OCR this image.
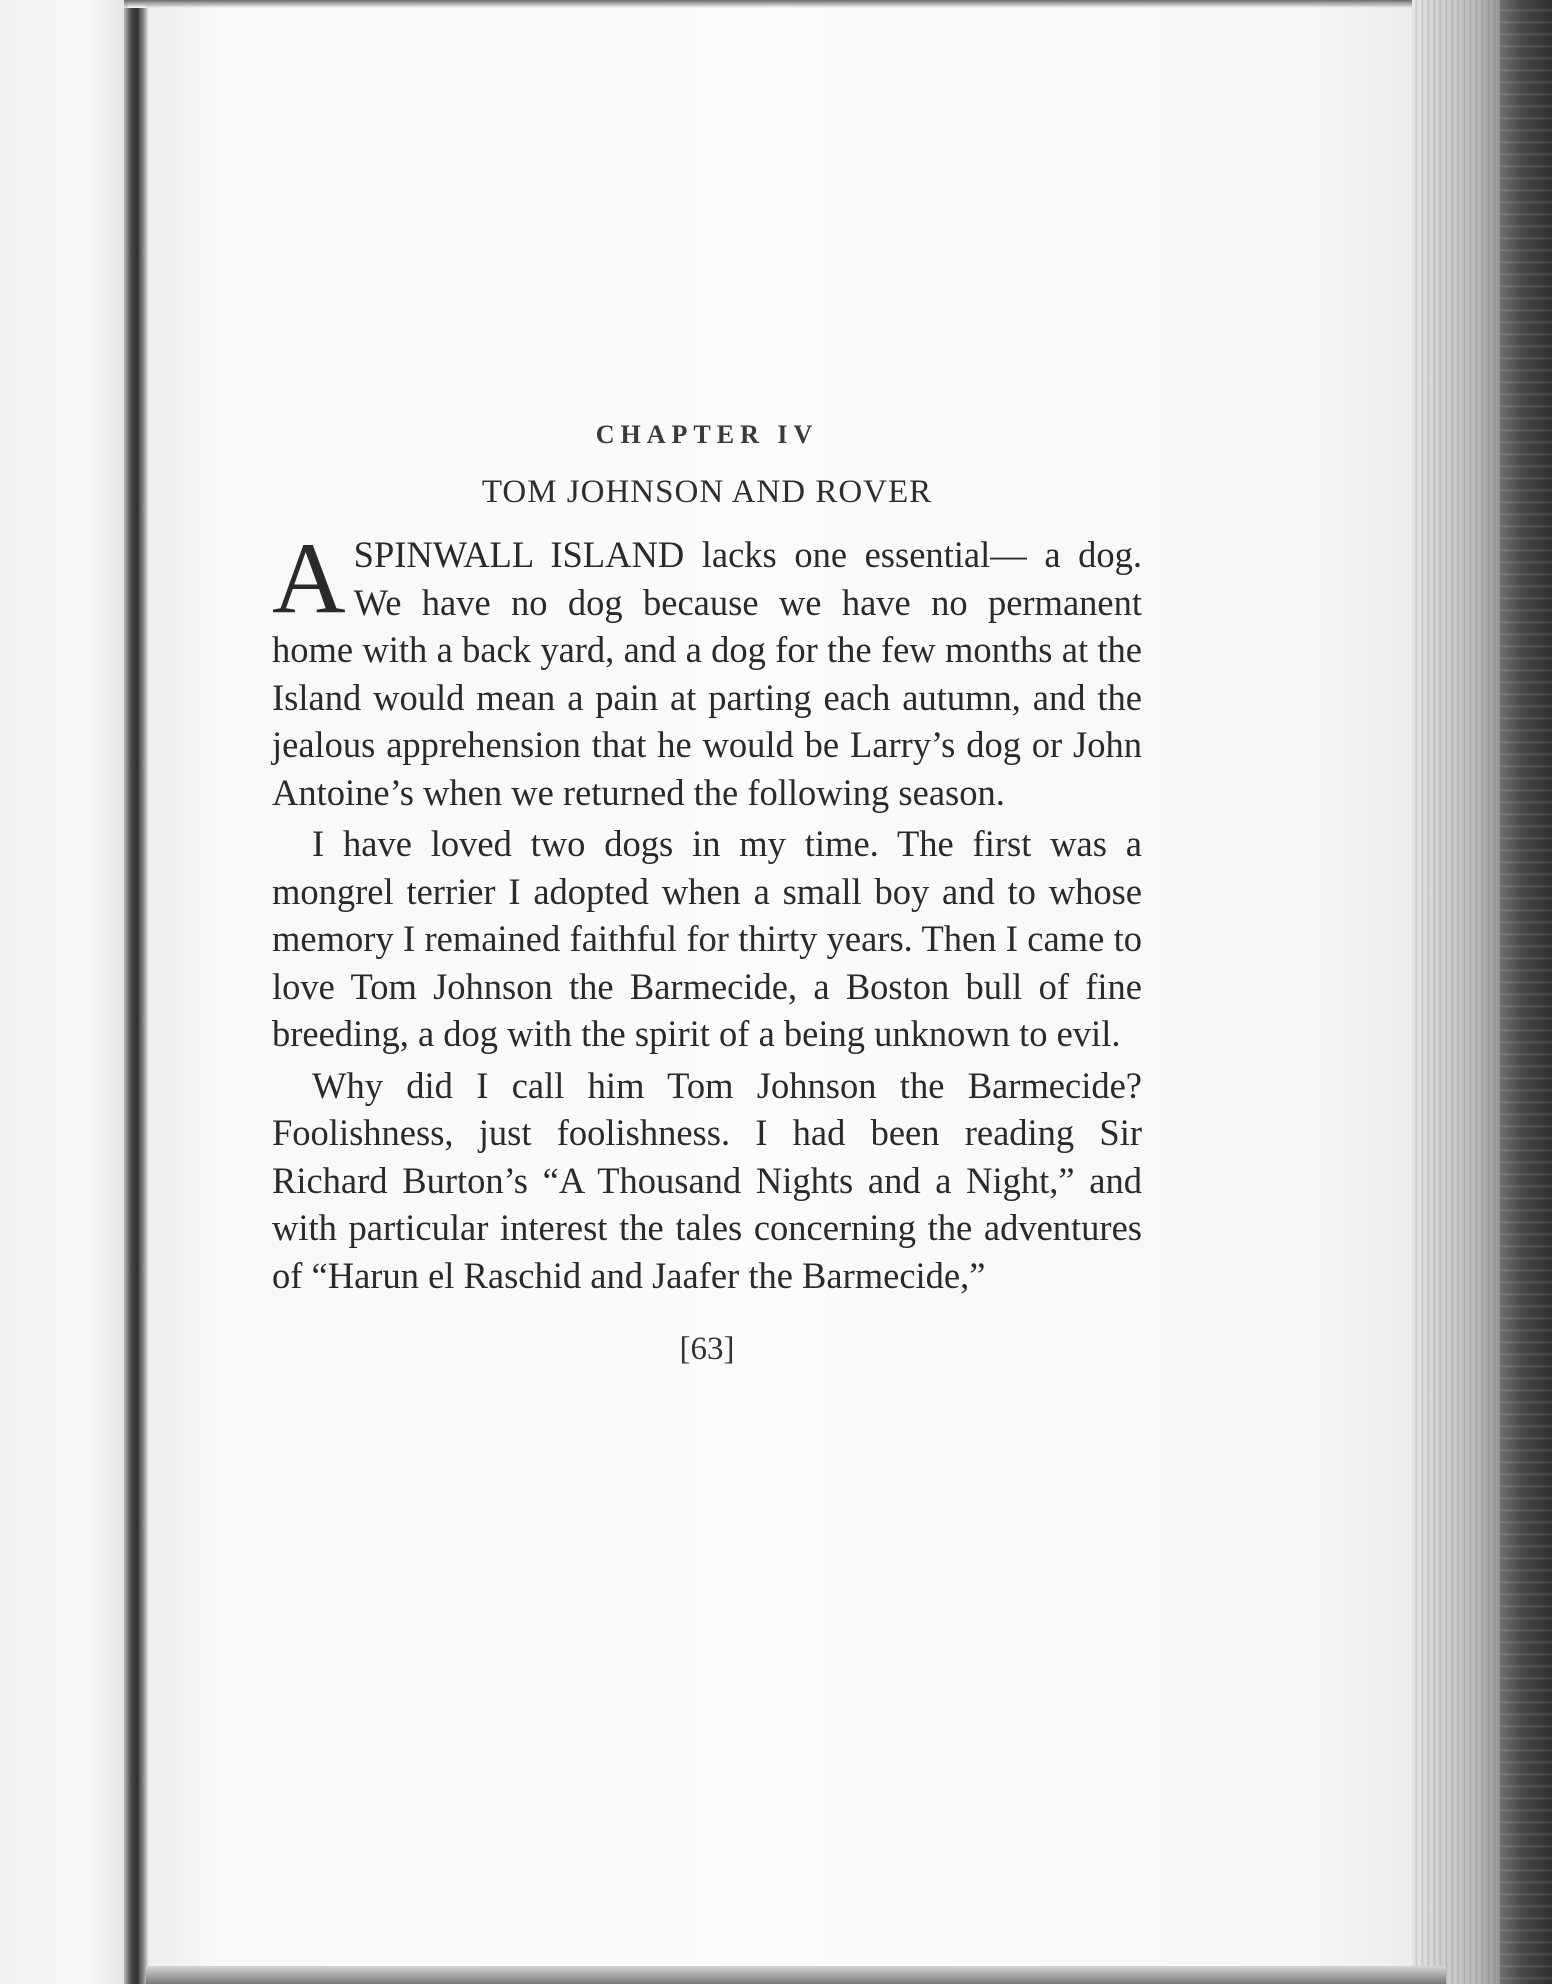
CHAPTER IV
TOM JOHNSON AND ROVER

ASPINWALL ISLAND lacks one essential— a dog. We have no dog because we have no permanent home with a back yard, and a dog for the few months at the Island would mean a pain at parting each autumn, and the jealous apprehension that he would be Larry’s dog or John Antoine’s when we returned the following season.

I have loved two dogs in my time. The first was a mongrel terrier I adopted when a small boy and to whose memory I remained faithful for thirty years. Then I came to love Tom Johnson the Barmecide, a Boston bull of fine breeding, a dog with the spirit of a being unknown to evil.

Why did I call him Tom Johnson the Barmecide? Foolishness, just foolishness. I had been reading Sir Richard Burton’s “A Thousand Nights and a Night,” and with particular interest the tales concerning the adventures of “Harun el Raschid and Jaafer the Barmecide,”

[63]
